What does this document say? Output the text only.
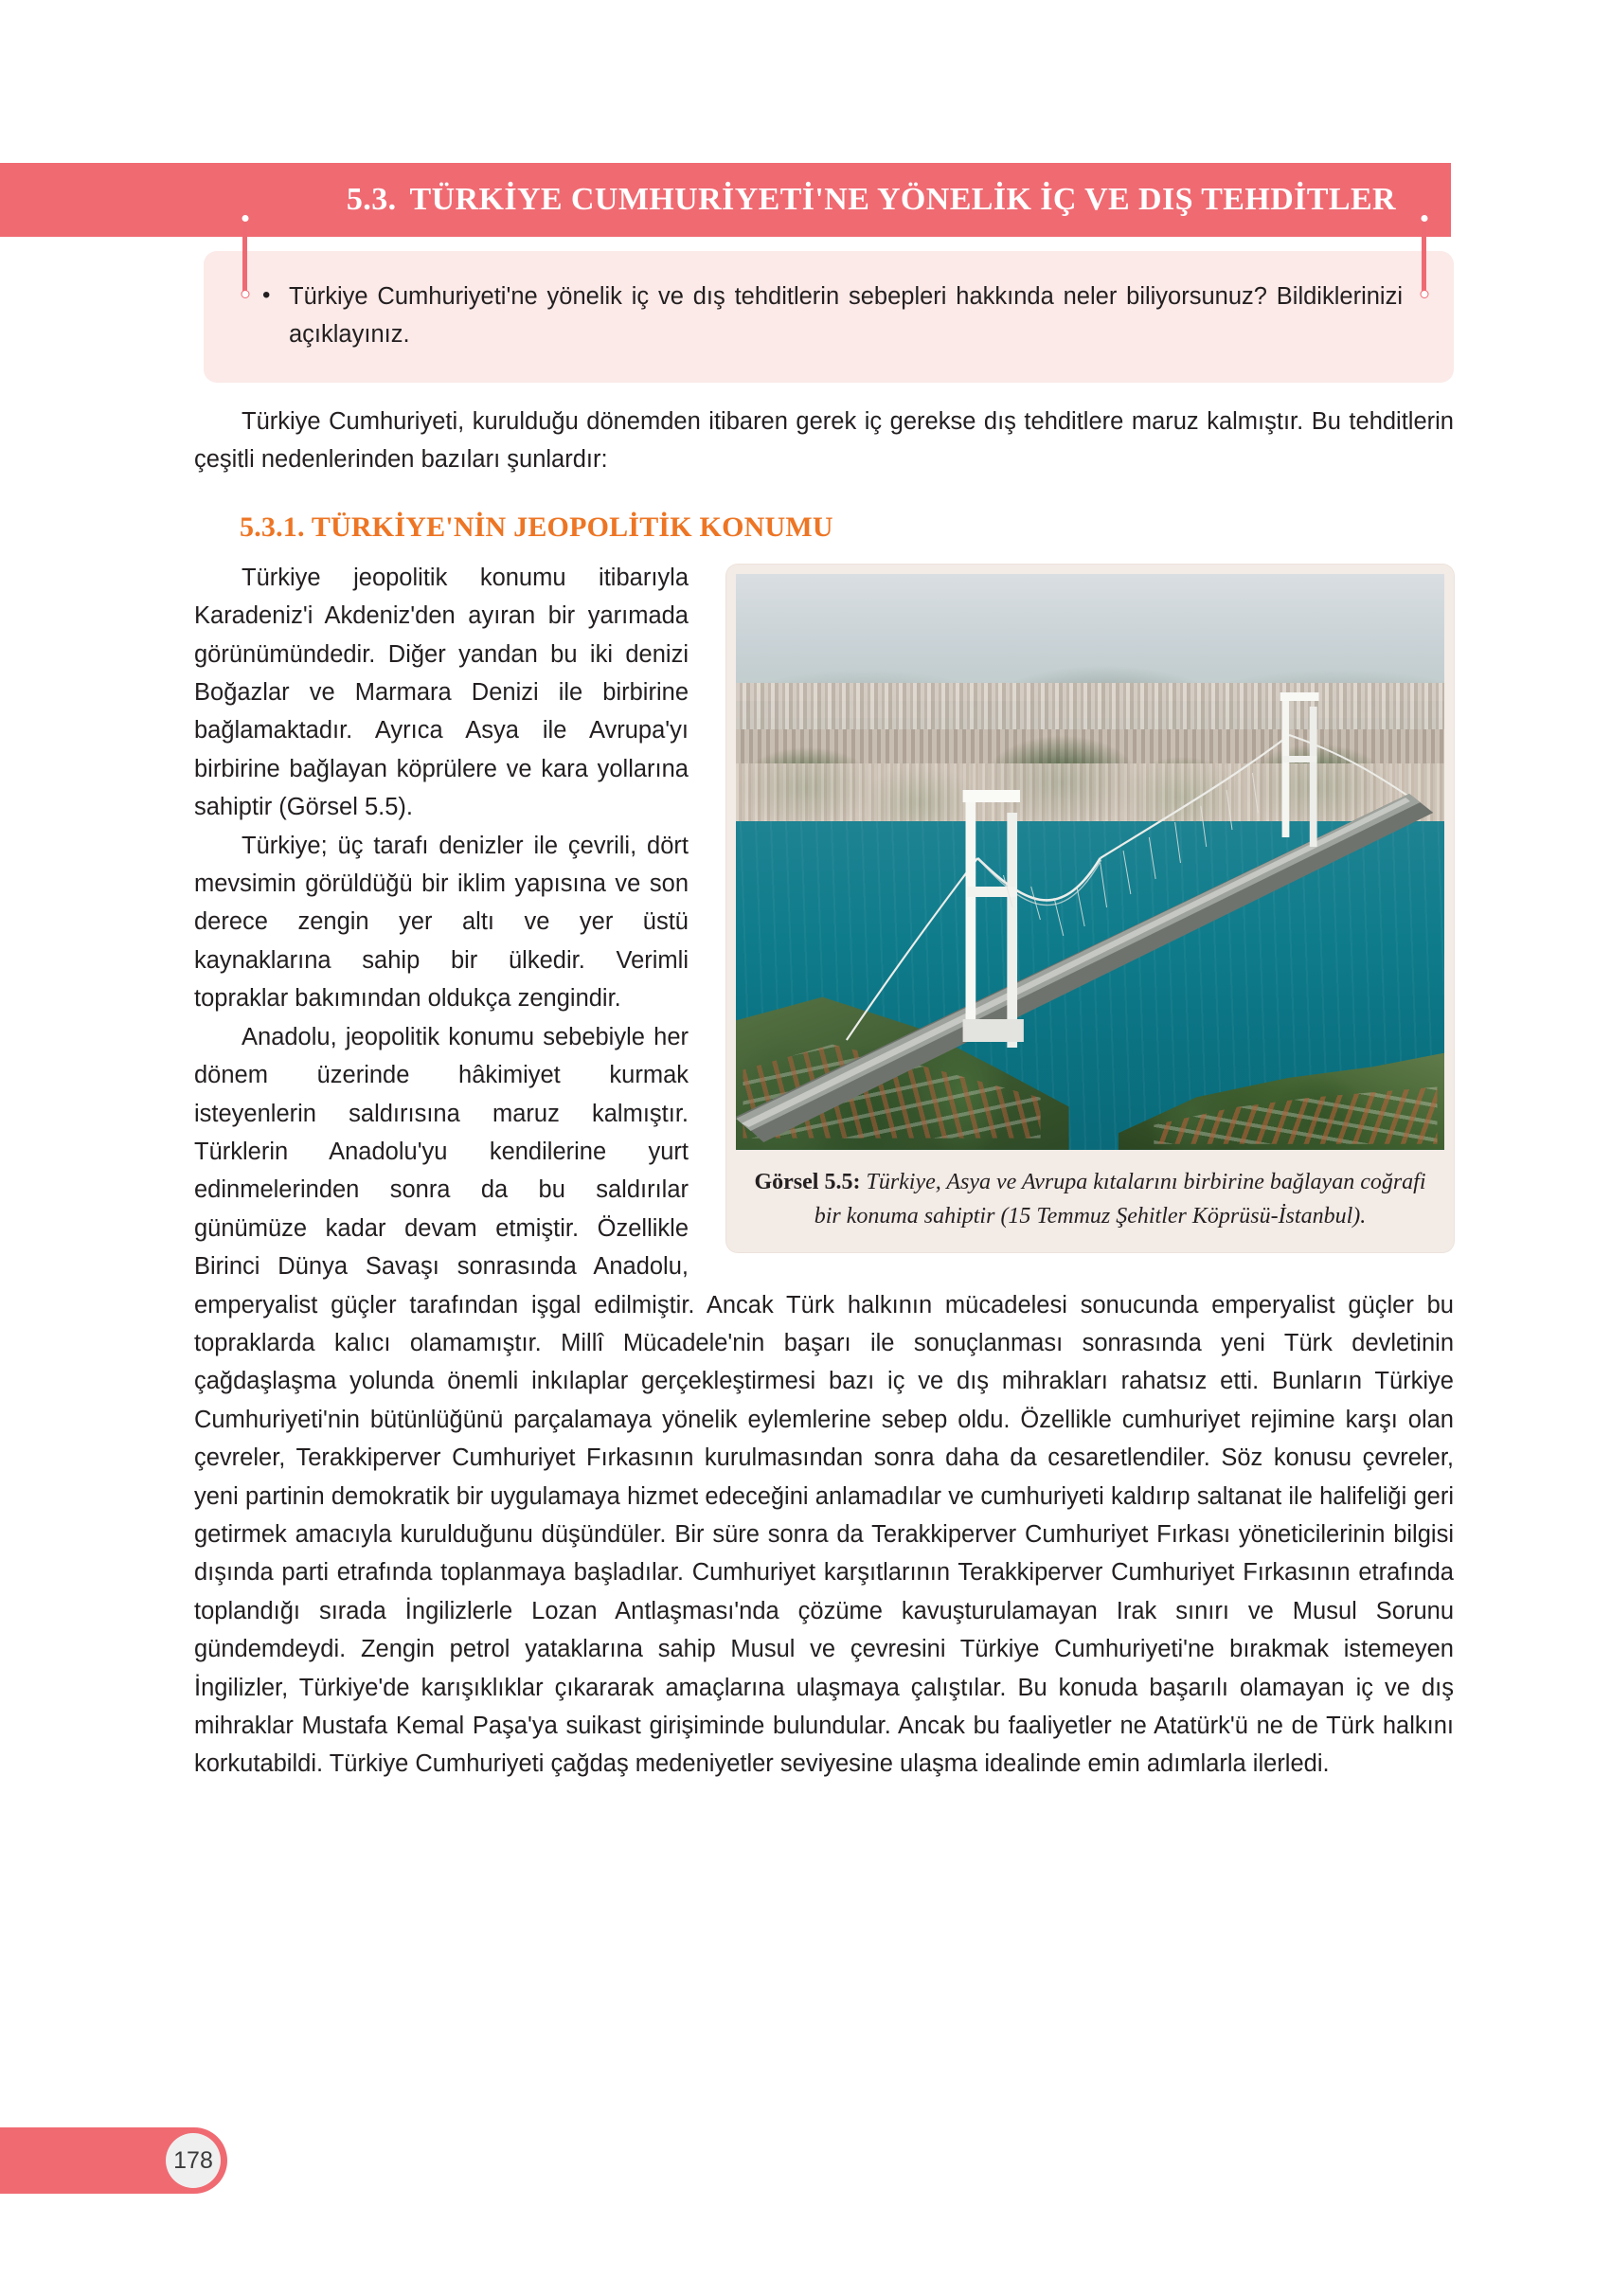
5.3. TÜRKİYE CUMHURİYETİ'NE YÖNELİK İÇ VE DIŞ TEHDİTLER
• Türkiye Cumhuriyeti'ne yönelik iç ve dış tehditlerin sebepleri hakkında neler biliyorsunuz? Bildiklerinizi açıklayınız.

Türkiye Cumhuriyeti, kurulduğu dönemden itibaren gerek iç gerekse dış tehditlere maruz kalmıştır. Bu tehditlerin çeşitli nedenlerinden bazıları şunlardır:

5.3.1. TÜRKİYE'NİN JEOPOLİTİK KONUMU
Görsel 5.5: Türkiye, Asya ve Avrupa kıtalarını birbirine bağlayan coğrafi bir konuma sahiptir (15 Temmuz Şehitler Köprüsü-İstanbul).

Türkiye jeopolitik konumu itibarıyla Karadeniz'i Akdeniz'den ayıran bir yarımada görünümündedir. Diğer yandan bu iki denizi Boğazlar ve Marmara Denizi ile birbirine bağlamaktadır. Ayrıca Asya ile Avrupa'yı birbirine bağlayan köprülere ve kara yollarına sahiptir (Görsel 5.5).

Türkiye; üç tarafı denizler ile çevrili, dört mevsimin görüldüğü bir iklim yapısına ve son derece zengin yer altı ve yer üstü kaynaklarına sahip bir ülkedir. Verimli topraklar bakımından oldukça zengindir.

Anadolu, jeopolitik konumu sebebiyle her dönem üzerinde hâkimiyet kurmak isteyenlerin saldırısına maruz kalmıştır. Türklerin Anadolu'yu kendilerine yurt edinmelerinden sonra da bu saldırılar günümüze kadar devam etmiştir. Özellikle Birinci Dünya Savaşı sonrasında Anadolu, emperyalist güçler tarafından işgal edilmiştir. Ancak Türk halkının mücadelesi sonucunda emperyalist güçler bu topraklarda kalıcı olamamıştır. Millî Mücadele'nin başarı ile sonuçlanması sonrasında yeni Türk devletinin çağdaşlaşma yolunda önemli inkılaplar gerçekleştirmesi bazı iç ve dış mihrakları rahatsız etti. Bunların Türkiye Cumhuriyeti'nin bütünlüğünü parçalamaya yönelik eylemlerine sebep oldu. Özellikle cumhuriyet rejimine karşı olan çevreler, Terakkiperver Cumhuriyet Fırkasının kurulmasından sonra daha da cesaretlendiler. Söz konusu çevreler, yeni partinin demokratik bir uygulamaya hizmet edeceğini anlamadılar ve cumhuriyeti kaldırıp saltanat ile halifeliği geri getirmek amacıyla kurulduğunu düşündüler. Bir süre sonra da Terakkiperver Cumhuriyet Fırkası yöneticilerinin bilgisi dışında parti etrafında toplanmaya başladılar. Cumhuriyet karşıtlarının Terakkiperver Cumhuriyet Fırkasının etrafında toplandığı sırada İngilizlerle Lozan Antlaşması'nda çözüme kavuşturulamayan Irak sınırı ve Musul Sorunu gündemdeydi. Zengin petrol yataklarına sahip Musul ve çevresini Türkiye Cumhuriyeti'ne bırakmak istemeyen İngilizler, Türkiye'de karışıklıklar çıkararak amaçlarına ulaşmaya çalıştılar. Bu konuda başarılı olamayan iç ve dış mihraklar Mustafa Kemal Paşa'ya suikast girişiminde bulundular. Ancak bu faaliyetler ne Atatürk'ü ne de Türk halkını korkutabildi. Türkiye Cumhuriyeti çağdaş medeniyetler seviyesine ulaşma idealinde emin adımlarla ilerledi.

178
